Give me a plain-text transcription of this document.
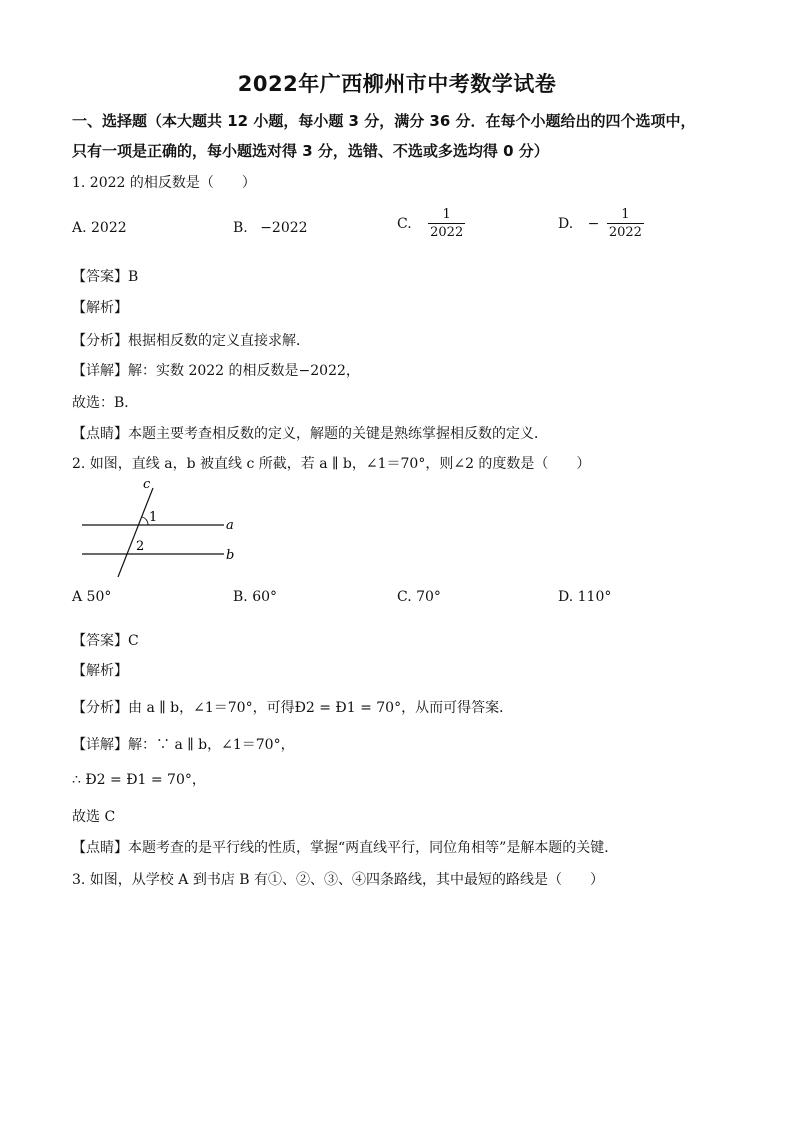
2022年广西柳州市中考数学试卷
一、选择题（本大题共 12 小题，每小题 3 分，满分 36 分．在每个小题给出的四个选项中，
只有一项是正确的，每小题选对得 3 分，选错、不选或多选均得 0 分）
1. 2022 的相反数是（　　）
A. 2022	B. −2022	C. $\frac{1}{2022}$	D. − $\frac{1}{2022}$
【答案】B
【解析】
【分析】根据相反数的定义直接求解．
【详解】解：实数 2022 的相反数是−2022，
故选：B．
【点睛】本题主要考查相反数的定义，解题的关键是熟练掌握相反数的定义．
2. 如图，直线 a，b 被直线 c 所截，若 a ∥ b，∠1＝70°，则∠2 的度数是（　　）
c
a
b
1
2
A 50°	B. 60°	C. 70°	D. 110°
【答案】C
【解析】
【分析】由 a ∥ b，∠1＝70°，可得Ð2 = Ð1 = 70°，从而可得答案．
【详解】解：∵ a ∥ b，∠1＝70°，
∴ Ð2 = Ð1 = 70°，
故选 C
【点睛】本题考查的是平行线的性质，掌握“两直线平行，同位角相等”是解本题的关键．
3. 如图，从学校 A 到书店 B 有①、②、③、④四条路线，其中最短的路线是（　　）
